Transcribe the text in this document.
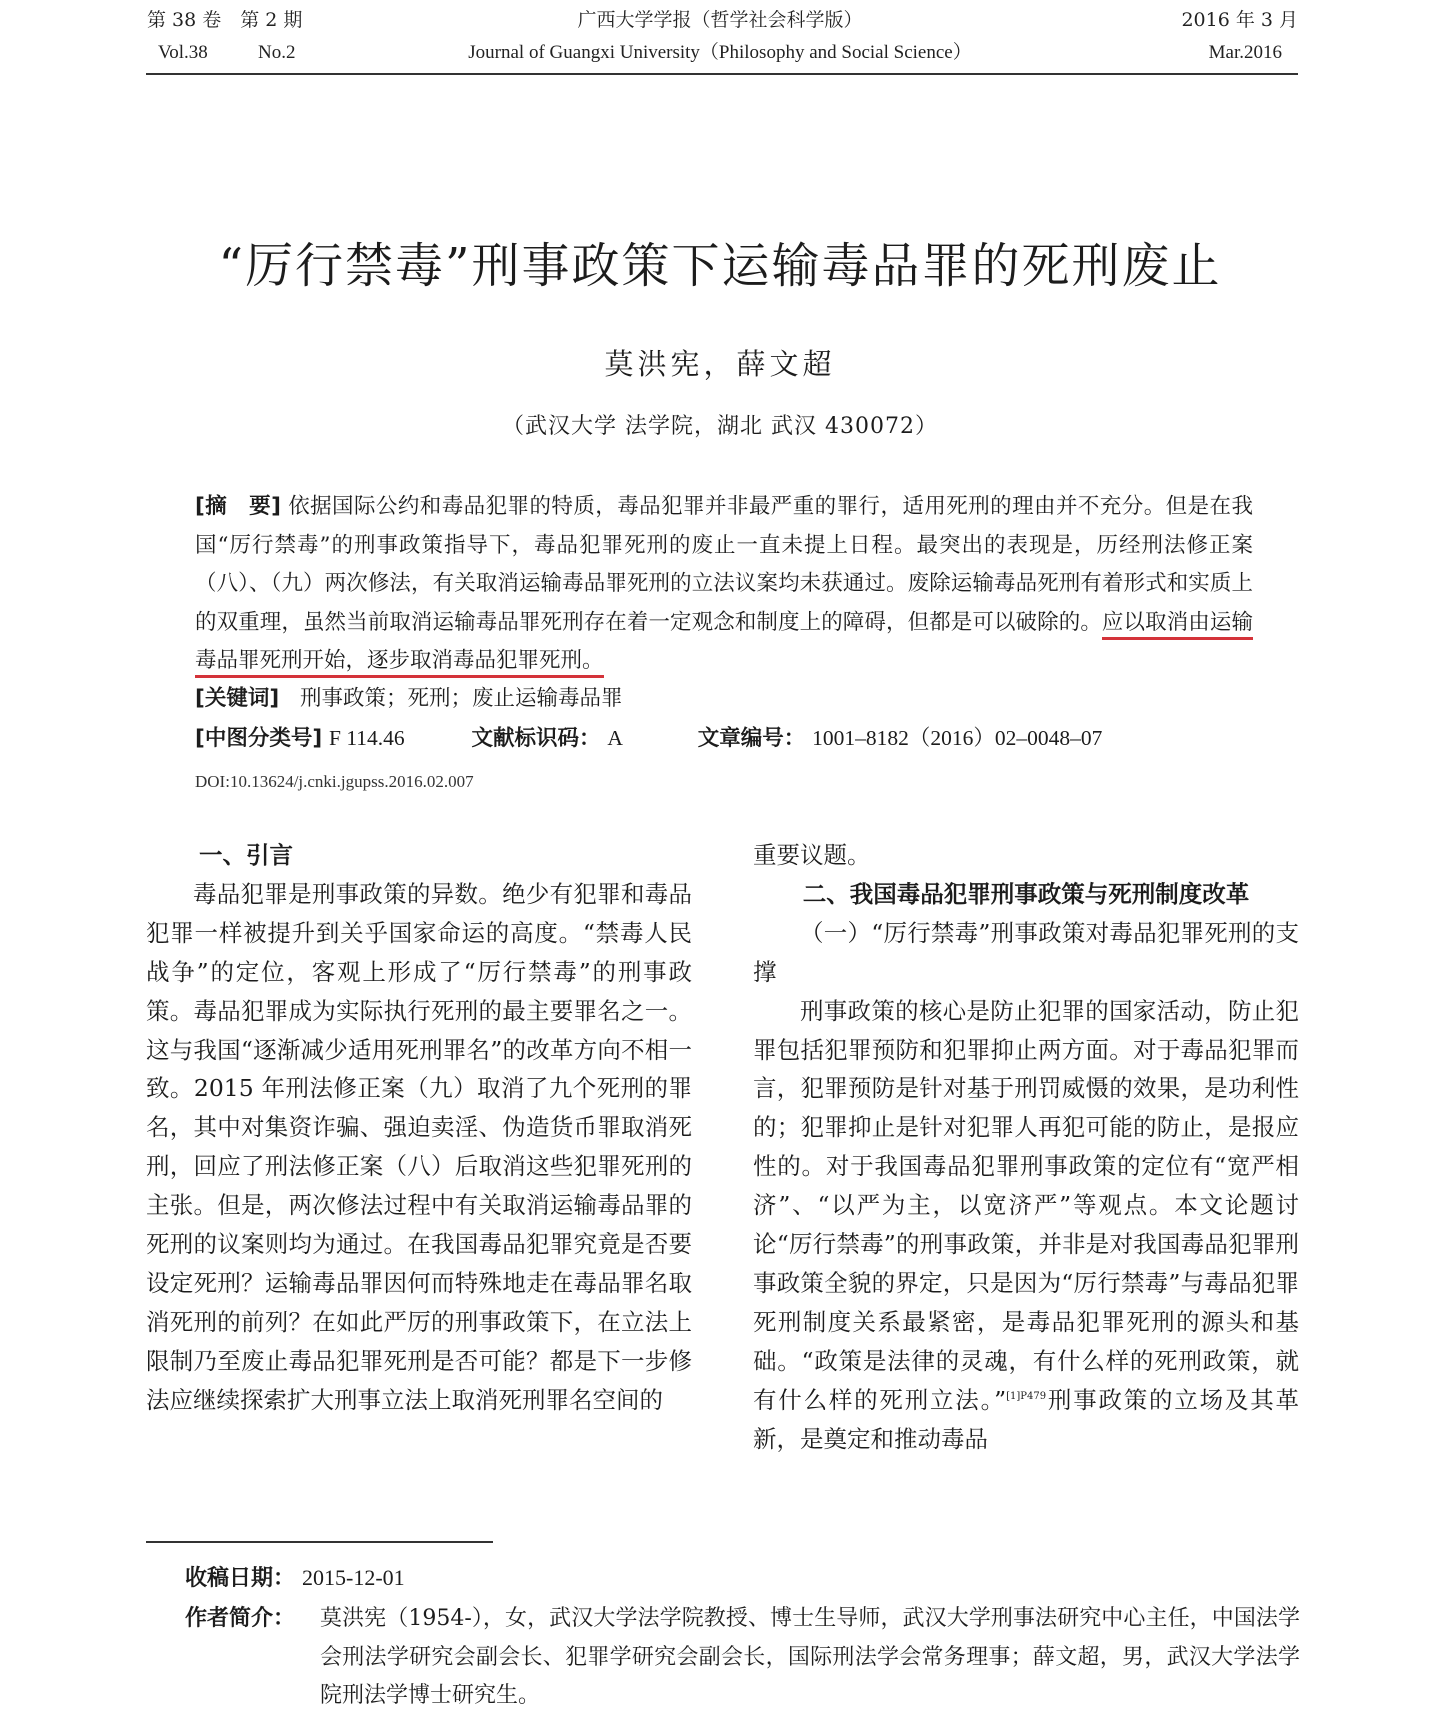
第 38 卷　第 2 期
Vol.38	No.2
广西大学学报（哲学社会科学版）
Journal of Guangxi University（Philosophy and Social Science）
2016 年 3 月
Mar.2016
“厉行禁毒”刑事政策下运输毒品罪的死刑废止
莫洪宪，薛文超
（武汉大学 法学院，湖北 武汉 430072）
[摘　要] 依据国际公约和毒品犯罪的特质，毒品犯罪并非最严重的罪行，适用死刑的理由并不充分。但是在我国“厉行禁毒”的刑事政策指导下，毒品犯罪死刑的废止一直未提上日程。最突出的表现是，历经刑法修正案（八）、（九）两次修法，有关取消运输毒品罪死刑的立法议案均未获通过。废除运输毒品死刑有着形式和实质上的双重理，虽然当前取消运输毒品罪死刑存在着一定观念和制度上的障碍，但都是可以破除的。应以取消由运输毒品罪死刑开始，逐步取消毒品犯罪死刑。
[关键词] 刑事政策；死刑；废止运输毒品罪
[中图分类号] F 114.46	文献标识码： A	文章编号： 1001–8182（2016）02–0048–07
DOI:10.13624/j.cnki.jgupss.2016.02.007

一、引言

毒品犯罪是刑事政策的异数。绝少有犯罪和毒品犯罪一样被提升到关乎国家命运的高度。“禁毒人民战争”的定位，客观上形成了“厉行禁毒”的刑事政策。毒品犯罪成为实际执行死刑的最主要罪名之一。这与我国“逐渐减少适用死刑罪名”的改革方向不相一致。2015 年刑法修正案（九）取消了九个死刑的罪名，其中对集资诈骗、强迫卖淫、伪造货币罪取消死刑，回应了刑法修正案（八）后取消这些犯罪死刑的主张。但是，两次修法过程中有关取消运输毒品罪的死刑的议案则均为通过。在我国毒品犯罪究竟是否要设定死刑？运输毒品罪因何而特殊地走在毒品罪名取消死刑的前列？在如此严厉的刑事政策下，在立法上限制乃至废止毒品犯罪死刑是否可能？都是下一步修法应继续探索扩大刑事立法上取消死刑罪名空间的

重要议题。

二、我国毒品犯罪刑事政策与死刑制度改革

（一）“厉行禁毒”刑事政策对毒品犯罪死刑的支撑

刑事政策的核心是防止犯罪的国家活动，防止犯罪包括犯罪预防和犯罪抑止两方面。对于毒品犯罪而言，犯罪预防是针对基于刑罚威慑的效果，是功利性的；犯罪抑止是针对犯罪人再犯可能的防止，是报应性的。对于我国毒品犯罪刑事政策的定位有“宽严相济”、“以严为主，以宽济严”等观点。本文论题讨论“厉行禁毒”的刑事政策，并非是对我国毒品犯罪刑事政策全貌的界定，只是因为“厉行禁毒”与毒品犯罪死刑制度关系最紧密，是毒品犯罪死刑的源头和基础。“政策是法律的灵魂，有什么样的死刑政策，就有什么样的死刑立法。”$^{[1]P479}$刑事政策的立场及其革新，是奠定和推动毒品

收稿日期： 2015-12-01
作者简介： 莫洪宪（1954-），女，武汉大学法学院教授、博士生导师，武汉大学刑事法研究中心主任，中国法学会刑法学研究会副会长、犯罪学研究会副会长，国际刑法学会常务理事；薛文超，男，武汉大学法学院刑法学博士研究生。
